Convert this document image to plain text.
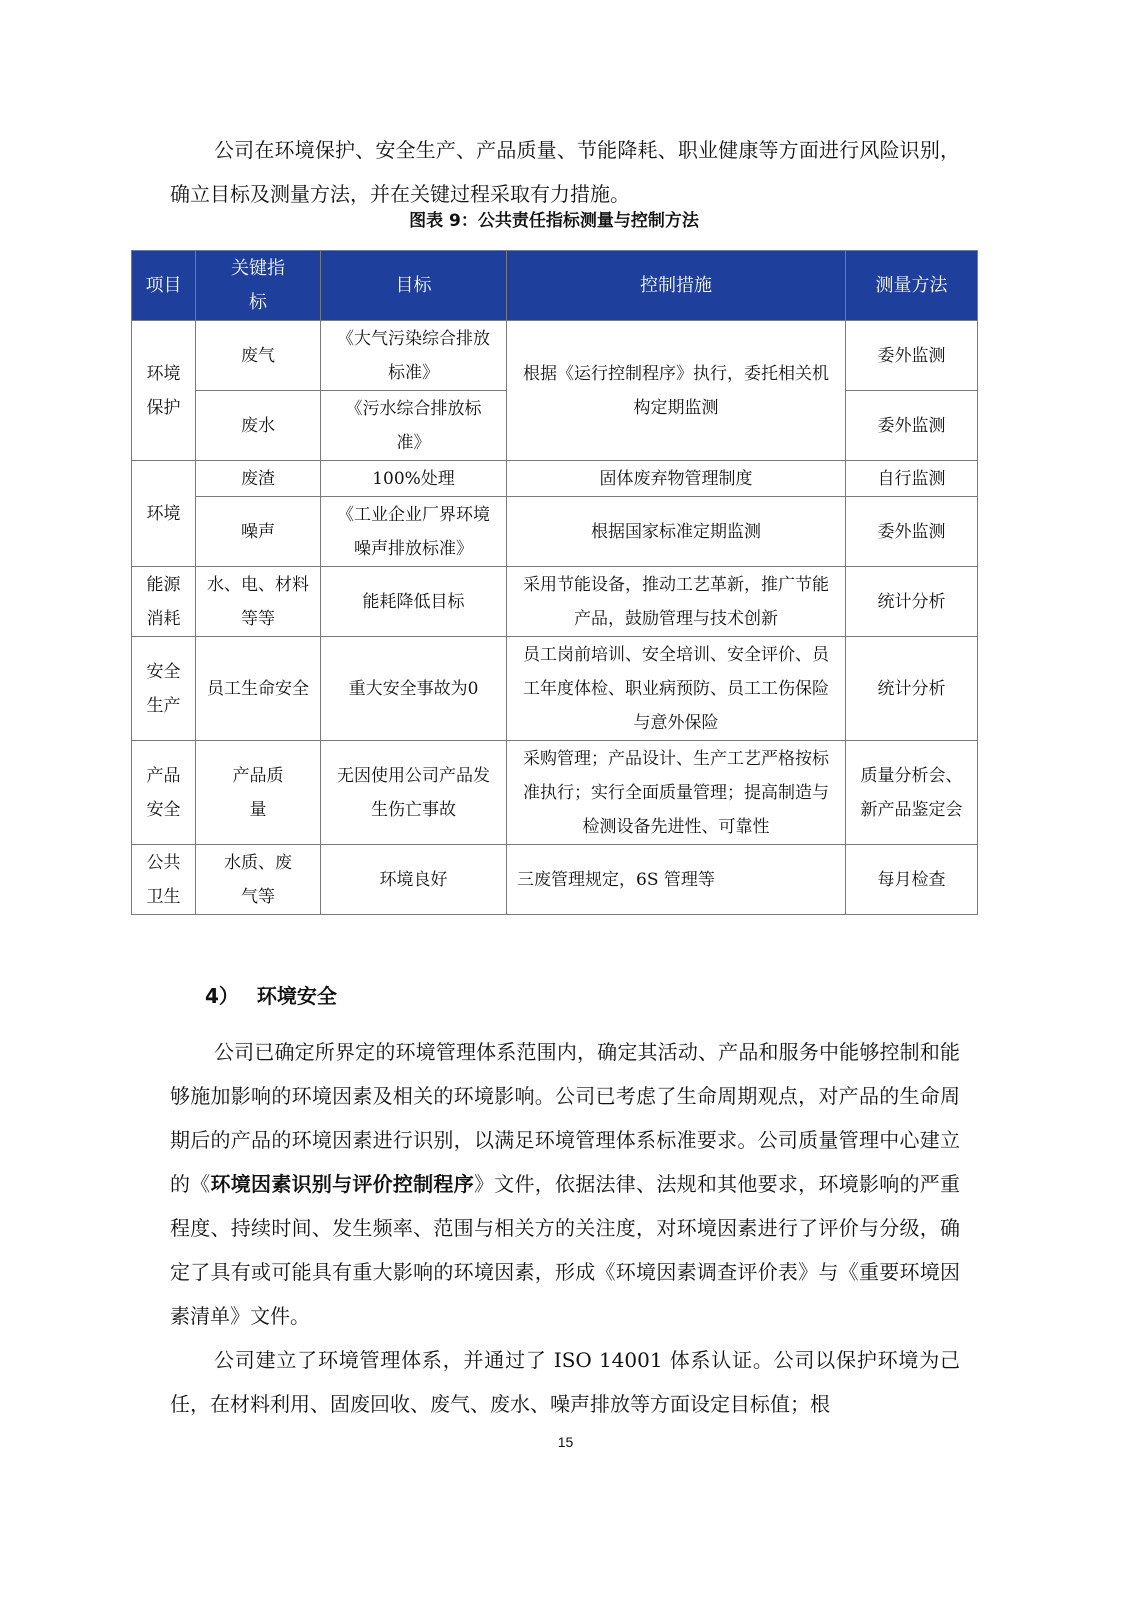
公司在环境保护、安全生产、产品质量、节能降耗、职业健康等方面进行风险识别，确立目标及测量方法，并在关键过程采取有力措施。

图表 9：公共责任指标测量与控制方法
项目	关键指标	目标	控制措施	测量方法
环境保护	废气	《大气污染综合排放标准》	根据《运行控制程序》执行，委托相关机构定期监测	委外监测
	废水	《污水综合排放标准》		委外监测
环境	废渣	100%处理	固体废弃物管理制度	自行监测
	噪声	《工业企业厂界环境噪声排放标准》	根据国家标准定期监测	委外监测
能源消耗	水、电、材料等等	能耗降低目标	采用节能设备，推动工艺革新，推广节能产品，鼓励管理与技术创新	统计分析
安全生产	员工生命安全	重大安全事故为0	员工岗前培训、安全培训、安全评价、员工年度体检、职业病预防、员工工伤保险与意外保险	统计分析
产品安全	产品质量	无因使用公司产品发生伤亡事故	采购管理；产品设计、生产工艺严格按标准执行；实行全面质量管理；提高制造与检测设备先进性、可靠性	质量分析会、新产品鉴定会
公共卫生	水质、废气等	环境良好	三废管理规定，6S 管理等	每月检查
4） 环境安全

公司已确定所界定的环境管理体系范围内，确定其活动、产品和服务中能够控制和能够施加影响的环境因素及相关的环境影响。公司已考虑了生命周期观点，对产品的生命周期后的产品的环境因素进行识别，以满足环境管理体系标准要求。公司质量管理中心建立的《环境因素识别与评价控制程序》文件，依据法律、法规和其他要求，环境影响的严重程度、持续时间、发生频率、范围与相关方的关注度，对环境因素进行了评价与分级，确定了具有或可能具有重大影响的环境因素，形成《环境因素调查评价表》与《重要环境因素清单》文件。

公司建立了环境管理体系，并通过了 ISO 14001 体系认证。公司以保护环境为己任，在材料利用、固废回收、废气、废水、噪声排放等方面设定目标值；根

15
